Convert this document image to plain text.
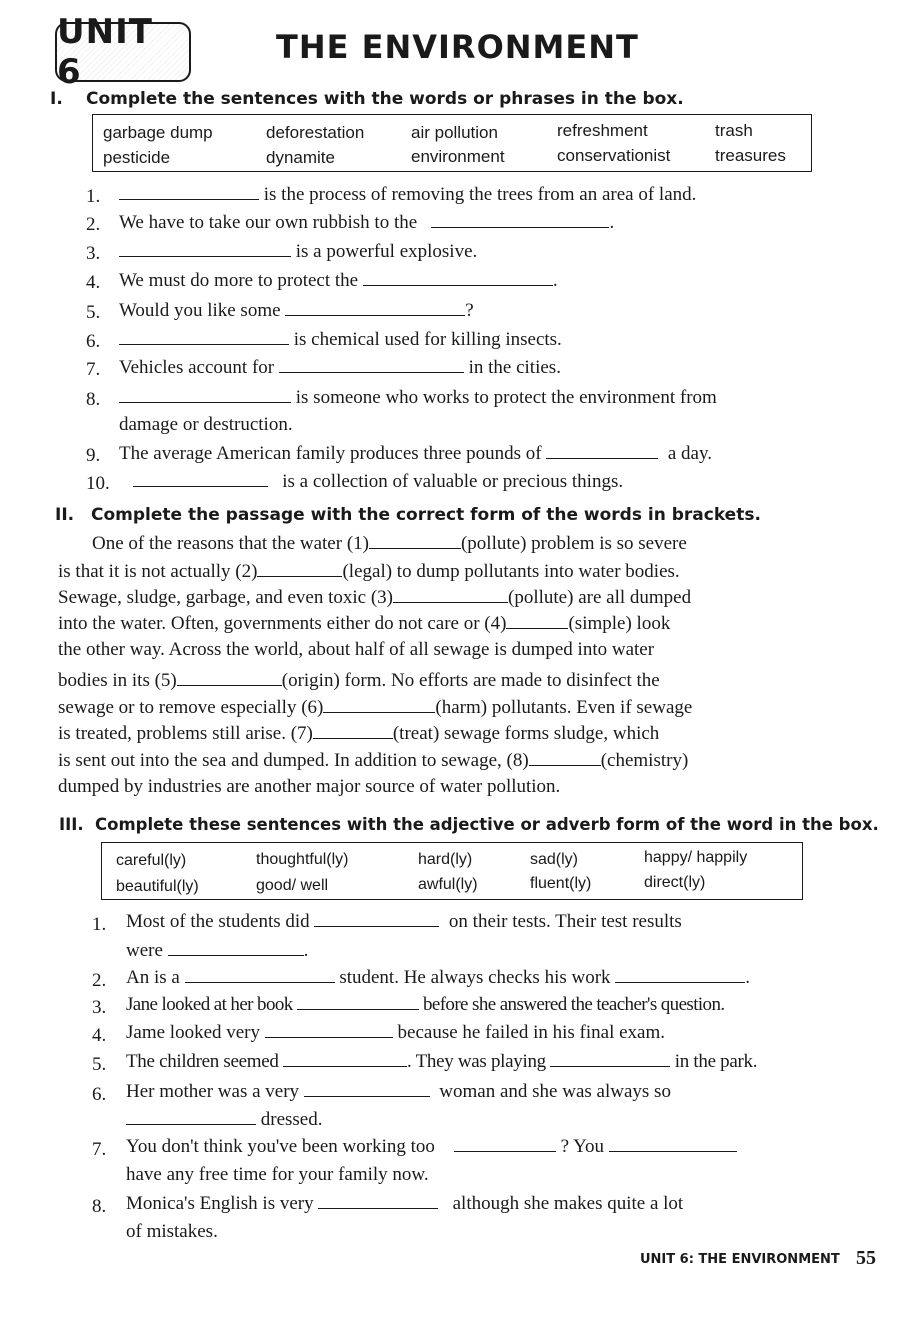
UNIT 6
THE ENVIRONMENT
I. Complete the sentences with the words or phrases in the box.
garbage dump	deforestation	air pollution	refreshment	trash
pesticide	dynamite	environment	conservationist	treasures
1.	is the process of removing the trees from an area of land.
2. We have to take our own rubbish to the	.
3.	is a powerful explosive.
4. We must do more to protect the	.
5. Would you like some	?
6.	is chemical used for killing insects.
7. Vehicles account for	in the cities.
8.	is someone who works to protect the environment from
damage or destruction.
9. The average American family produces three pounds of	a day.
10.	is a collection of valuable or precious things.
II. Complete the passage with the correct form of the words in brackets.
One of the reasons that the water (1)	(pollute) problem is so severe
is that it is not actually (2)	(legal) to dump pollutants into water bodies.
Sewage, sludge, garbage, and even toxic (3)	(pollute) are all dumped
into the water. Often, governments either do not care or (4)	(simple) look
the other way. Across the world, about half of all sewage is dumped into water
bodies in its (5)	(origin) form. No efforts are made to disinfect the
sewage or to remove especially (6)	(harm) pollutants. Even if sewage
is treated, problems still arise. (7)	(treat) sewage forms sludge, which
is sent out into the sea and dumped. In addition to sewage, (8)	(chemistry)
dumped by industries are another major source of water pollution.
III. Complete these sentences with the adjective or adverb form of the word in the box.
careful(ly)	thoughtful(ly)	hard(ly)	sad(ly)	happy/ happily
beautiful(ly)	good/ well	awful(ly)	fluent(ly)	direct(ly)
1. Most of the students did	on their tests. Their test results
were	.
2. An is a	student. He always checks his work	.
3. Jane looked at her book	before she answered the teacher's question.
4. Jame looked very	because he failed in his final exam.
5. The children seemed	. They was playing	in the park.
6. Her mother was a very	woman and she was always so
dressed.
7. You don't think you've been working too	? You
have any free time for your family now.
8. Monica's English is very	although she makes quite a lot
of mistakes.
UNIT 6: THE ENVIRONMENT 55
